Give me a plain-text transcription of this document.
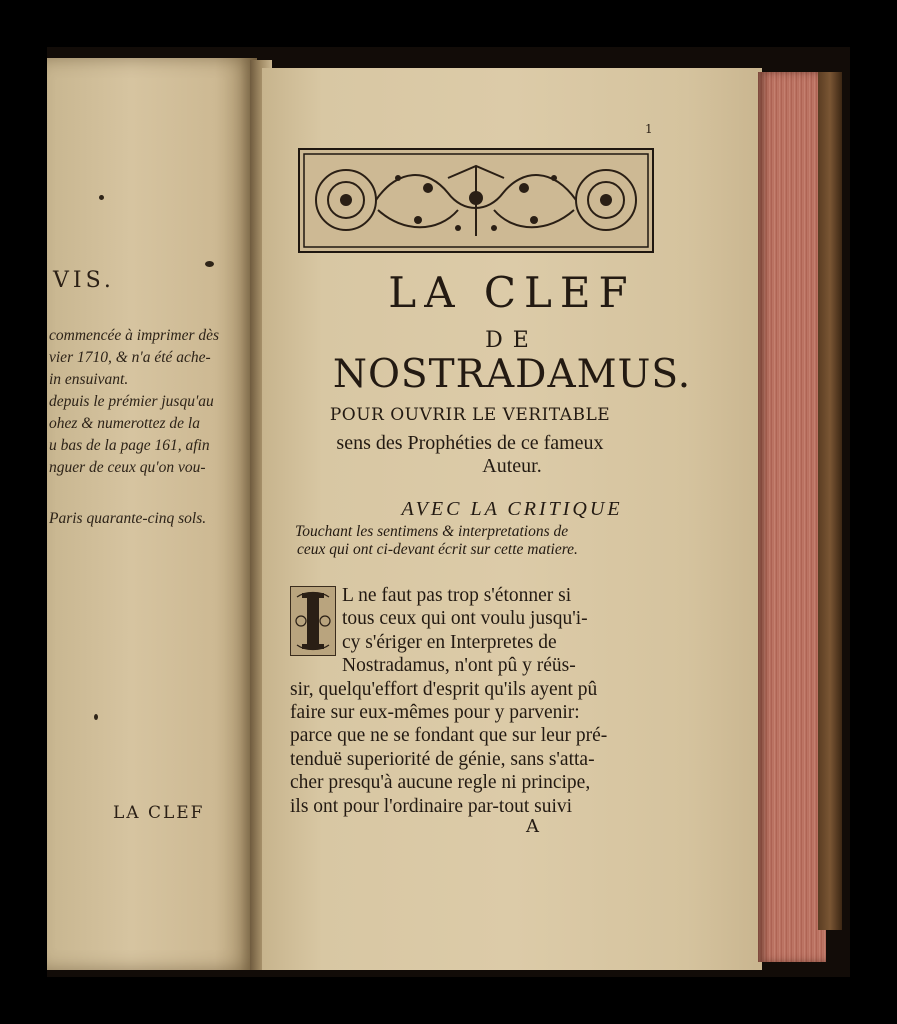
VIS.
commencée à imprimer dès
vier 1710, & n'a été ache-
in ensuivant.
depuis le prémier jusqu'au
ohez & numerottez de la
u bas de la page 161, afin
nguer de ceux qu'on vou-
Paris quarante-cinq sols.
LA CLEF
1
LA CLEF
DE
NOSTRADAMUS.
POUR OUVRIR LE VERITABLE
sens des Prophéties de ce fameux
Auteur.
AVEC LA CRITIQUE
Touchant les sentimens & interpretations de
ceux qui ont ci-devant écrit sur cette matiere.
L ne faut pas trop s'étonner si
tous ceux qui ont voulu jusqu'i-
cy s'ériger en Interpretes de
Nostradamus, n'ont pû y réüs-
sir, quelqu'effort d'esprit qu'ils ayent pû
faire sur eux-mêmes pour y parvenir:
parce que ne se fondant que sur leur pré-
tenduë superiorité de génie, sans s'atta-
cher presqu'à aucune regle ni principe,
ils ont pour l'ordinaire par-tout suivi
A
